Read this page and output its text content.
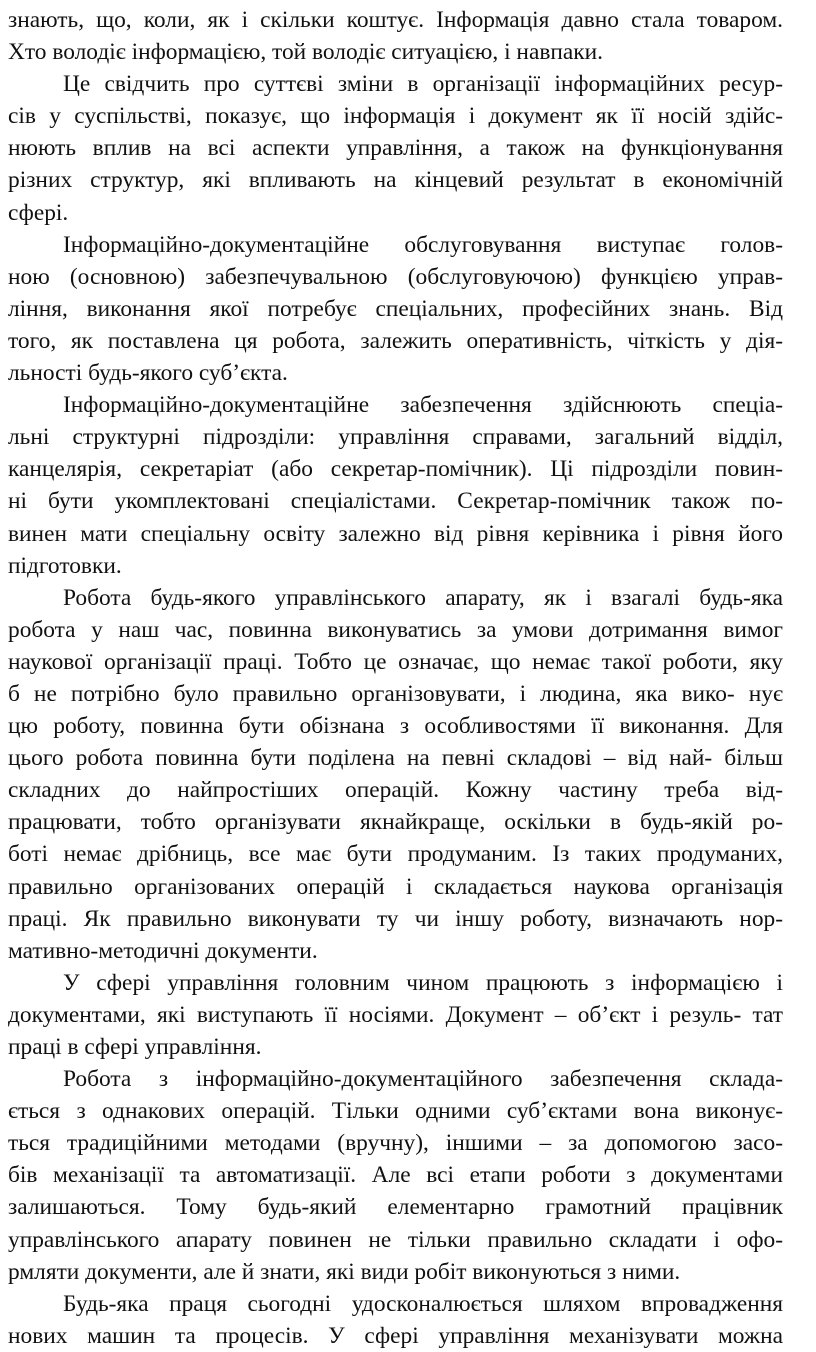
знають, що, коли, як і скільки коштує. Інформація давно стала товаром.
Хто володіє інформацією, той володіє ситуацією, і навпаки.
Це свідчить про суттєві зміни в організації інформаційних ресур-
сів у суспільстві, показує, що інформація і документ як її носій здійс-
нюють вплив на всі аспекти управління, а також на функціонування
різних структур, які впливають на кінцевий результат в економічній
сфері.
Інформаційно-документаційне обслуговування виступає голов-
ною (основною) забезпечувальною (обслуговуючою) функцією управ-
ління, виконання якої потребує спеціальних, професійних знань. Від
того, як поставлена ця робота, залежить оперативність, чіткість у дія-
льності будь-якого суб’єкта.
Інформаційно-документаційне забезпечення здійснюють спеціа-
льні структурні підрозділи: управління справами, загальний відділ,
канцелярія, секретаріат (або секретар-помічник). Ці підрозділи повин-
ні бути укомплектовані спеціалістами. Секретар-помічник також по-
винен мати спеціальну освіту залежно від рівня керівника і рівня його
підготовки.
Робота будь-якого управлінського апарату, як і взагалі будь-яка
робота у наш час, повинна виконуватись за умови дотримання вимог
наукової організації праці. Тобто це означає, що немає такої роботи, яку
б не потрібно було правильно організовувати, і людина, яка вико- нує
цю роботу, повинна бути обізнана з особливостями її виконання. Для
цього робота повинна бути поділена на певні складові – від най- більш
складних до найпростіших операцій. Кожну частину треба від-
працювати, тобто організувати якнайкраще, оскільки в будь-якій ро-
боті немає дрібниць, все має бути продуманим. Із таких продуманих,
правильно організованих операцій і складається наукова організація
праці. Як правильно виконувати ту чи іншу роботу, визначають нор-
мативно-методичні документи.
У сфері управління головним чином працюють з інформацією і
документами, які виступають її носіями. Документ – об’єкт і резуль- тат
праці в сфері управління.
Робота з інформаційно-документаційного забезпечення склада-
ється з однакових операцій. Тільки одними суб’єктами вона виконує-
ться традиційними методами (вручну), іншими – за допомогою засо-
бів механізації та автоматизації. Але всі етапи роботи з документами
залишаються. Тому будь-який елементарно грамотний працівник
управлінського апарату повинен не тільки правильно складати і офо-
рмляти документи, але й знати, які види робіт виконуються з ними.
Будь-яка праця сьогодні удосконалюється шляхом впровадження
нових машин та процесів. У сфері управління механізувати можна
